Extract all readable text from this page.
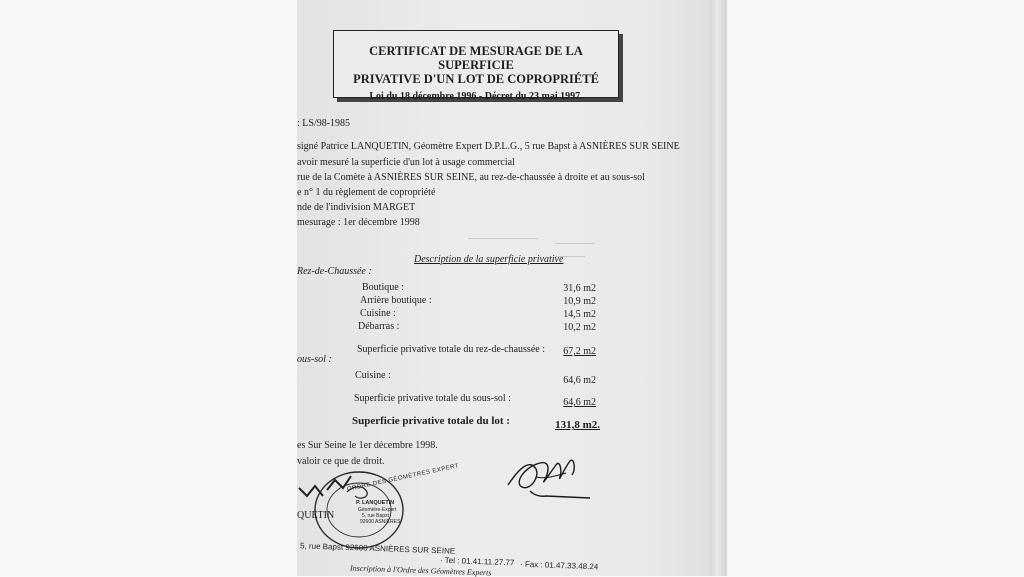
CERTIFICAT DE MESURAGE DE LA SUPERFICIE
PRIVATIVE D'UN LOT DE COPROPRIÉTÉ
Loi du 18 décembre 1996 - Décret du 23 mai 1997.
: LS/98-1985
signé Patrice LANQUETIN, Géomètre Expert D.P.L.G., 5 rue Bapst à ASNIÈRES SUR SEINE
avoir mesuré la superficie d'un lot à usage commercial
rue de la Comète à ASNIÈRES SUR SEINE, au rez-de-chaussée à droite et au sous-sol
e n° 1 du règlement de copropriété
nde de l'indivision MARGET
mesurage : 1er décembre 1998
Description de la superficie privative
Rez-de-Chaussée :
Boutique :	31,6 m2
Arrière boutique :	10,9 m2
Cuisine :	14,5 m2
Débarras :	10,2 m2
Superficie privative totale du rez-de-chaussée :	67,2 m2
ous-sol :
Cuisine :	64,6 m2
Superficie privative totale du sous-sol :	64,6 m2
Superficie privative totale du lot :	131,8 m2.
es Sur Seine le 1er décembre 1998.
valoir ce que de droit.
ORDRE DES GÉOMÈTRES EXPERT
P. LANQUETIN
Géomètre-Expert
5, rue Bapst
92600 ASNIÈRES
QUETIN
5, rue Bapst 92600 ASNIÈRES SUR SEINE
· Tel : 01.41.11.27.77 · Fax : 01.47.33.48.24
Inscription à l'Ordre des Géomètres Experts
